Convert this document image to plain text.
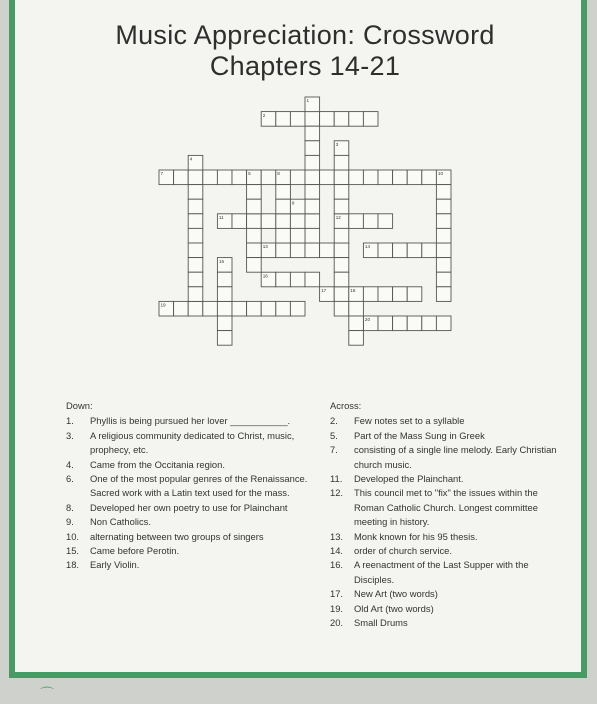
Music Appreciation: Crossword
Chapters 14-21
1
2
3
4
5
7	8
9
10
11	12
13	14
15
16
17	18
19
20
Down:
1.	Phyllis is being pursued her lover ___________.
3.	A religious community dedicated to Christ, music, prophecy, etc.
4.	Came from the Occitania region.
6.	One of the most popular genres of the Renaissance. Sacred work with a Latin text used for the mass.
8.	Developed her own poetry to use for Plainchant
9.	Non Catholics.
10.	alternating between two groups of singers
15.	Came before Perotin.
18.	Early Violin.
Across:
2.	Few notes set to a syllable
5.	Part of the Mass Sung in Greek
7.	consisting of a single line melody. Early Christian church music.
11.	Developed the Plainchant.
12.	This council met to "fix" the issues within the Roman Catholic Church. Longest committee meeting in history.
13.	Monk known for his 95 thesis.
14.	order of church service.
16.	A reenactment of the Last Supper with the Disciples.
17.	New Art (two words)
19.	Old Art (two words)
20.	Small Drums
⌒
